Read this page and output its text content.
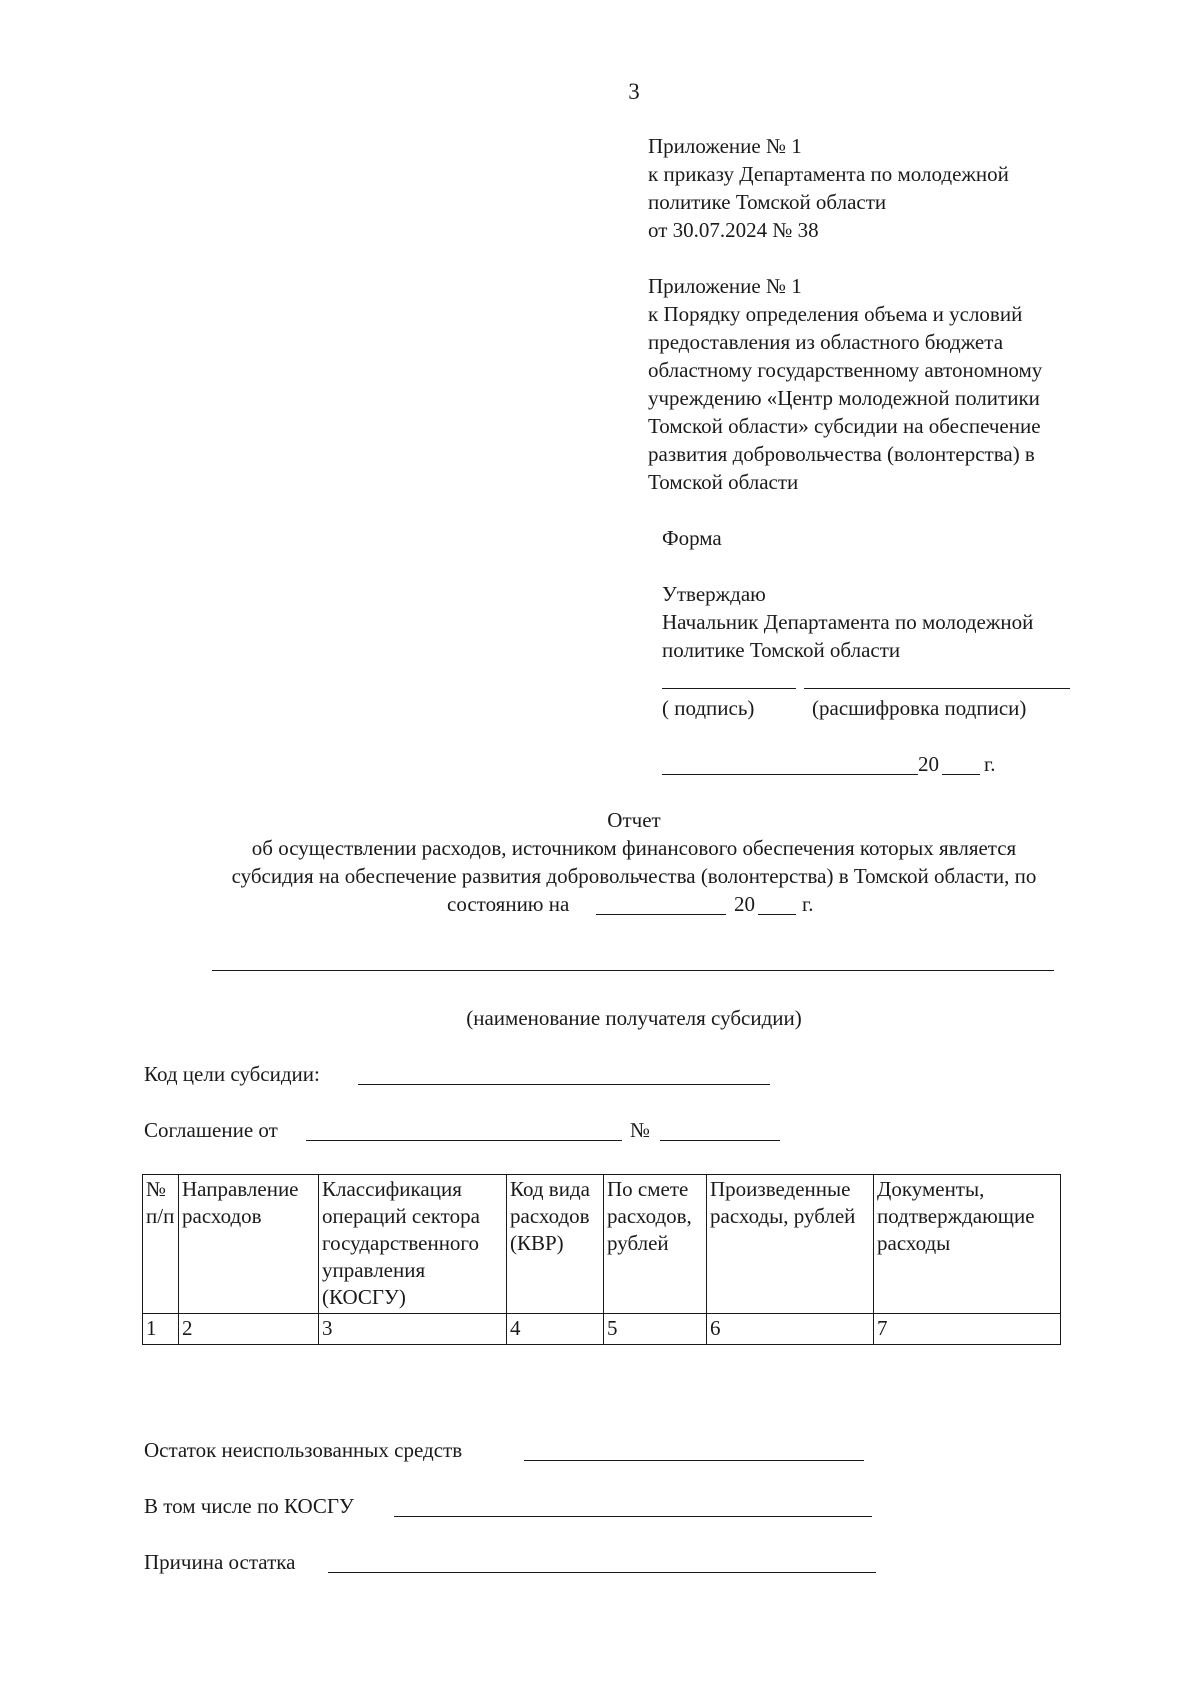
3
Приложение № 1
к приказу Департамента по молодежной
политике Томской области
от 30.07.2024 № 38
Приложение № 1
к Порядку определения объема и условий
предоставления из областного бюджета
областному государственному автономному
учреждению «Центр молодежной политики
Томской области» субсидии на обеспечение
развития добровольчества (волонтерства) в
Томской области
Форма
Утверждаю
Начальник Департамента по молодежной
политике Томской области
( подпись)	(расшифровка подписи)
20 г.
Отчет
об осуществлении расходов, источником финансового обеспечения которых является
субсидия на обеспечение развития добровольчества (волонтерства) в Томской области, по
состоянию на	20 г.
(наименование получателя субсидии)
Код цели субсидии:
Соглашение от	№
№ п/п	Направление расходов	Классификация операций сектора государственного управления (КОСГУ)	Код вида расходов (КВР)	По смете расходов, рублей	Произведенные расходы, рублей	Документы, подтверждающие расходы
1	2	3	4	5	6	7
Остаток неиспользованных средств
В том числе по КОСГУ
Причина остатка
